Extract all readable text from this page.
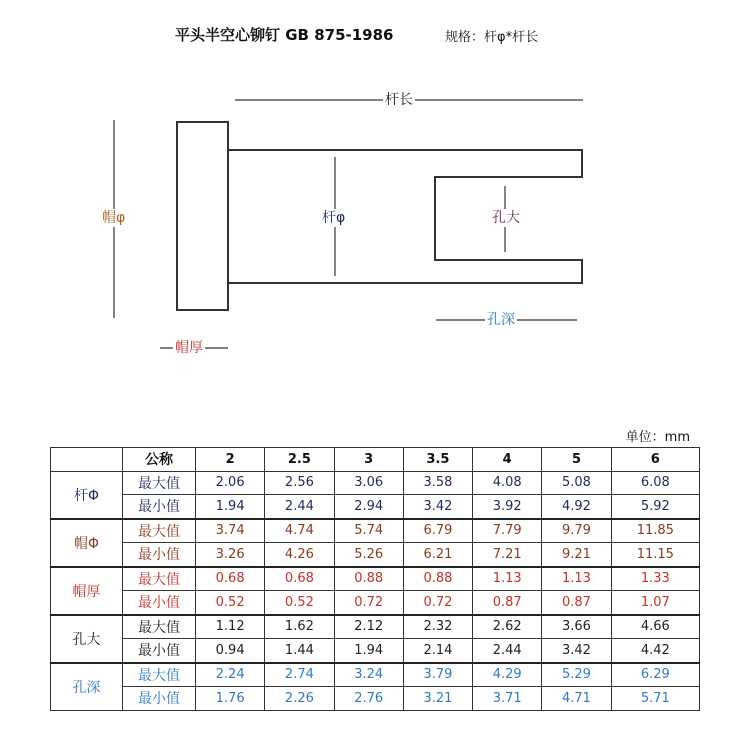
平头半空心铆钉 GB 875-1986	规格：杆φ*杆长
杆长
帽φ	杆φ	孔大
孔深
帽厚
单位：mm
	公称	2	2.5	3	3.5	4	5	6
杆Φ	最大值	2.06	2.56	3.06	3.58	4.08	5.08	6.08
	最小值	1.94	2.44	2.94	3.42	3.92	4.92	5.92
帽Φ	最大值	3.74	4.74	5.74	6.79	7.79	9.79	11.85
	最小值	3.26	4.26	5.26	6.21	7.21	9.21	11.15
帽厚	最大值	0.68	0.68	0.88	0.88	1.13	1.13	1.33
	最小值	0.52	0.52	0.72	0.72	0.87	0.87	1.07
孔大	最大值	1.12	1.62	2.12	2.32	2.62	3.66	4.66
	最小值	0.94	1.44	1.94	2.14	2.44	3.42	4.42
孔深	最大值	2.24	2.74	3.24	3.79	4.29	5.29	6.29
	最小值	1.76	2.26	2.76	3.21	3.71	4.71	5.71
